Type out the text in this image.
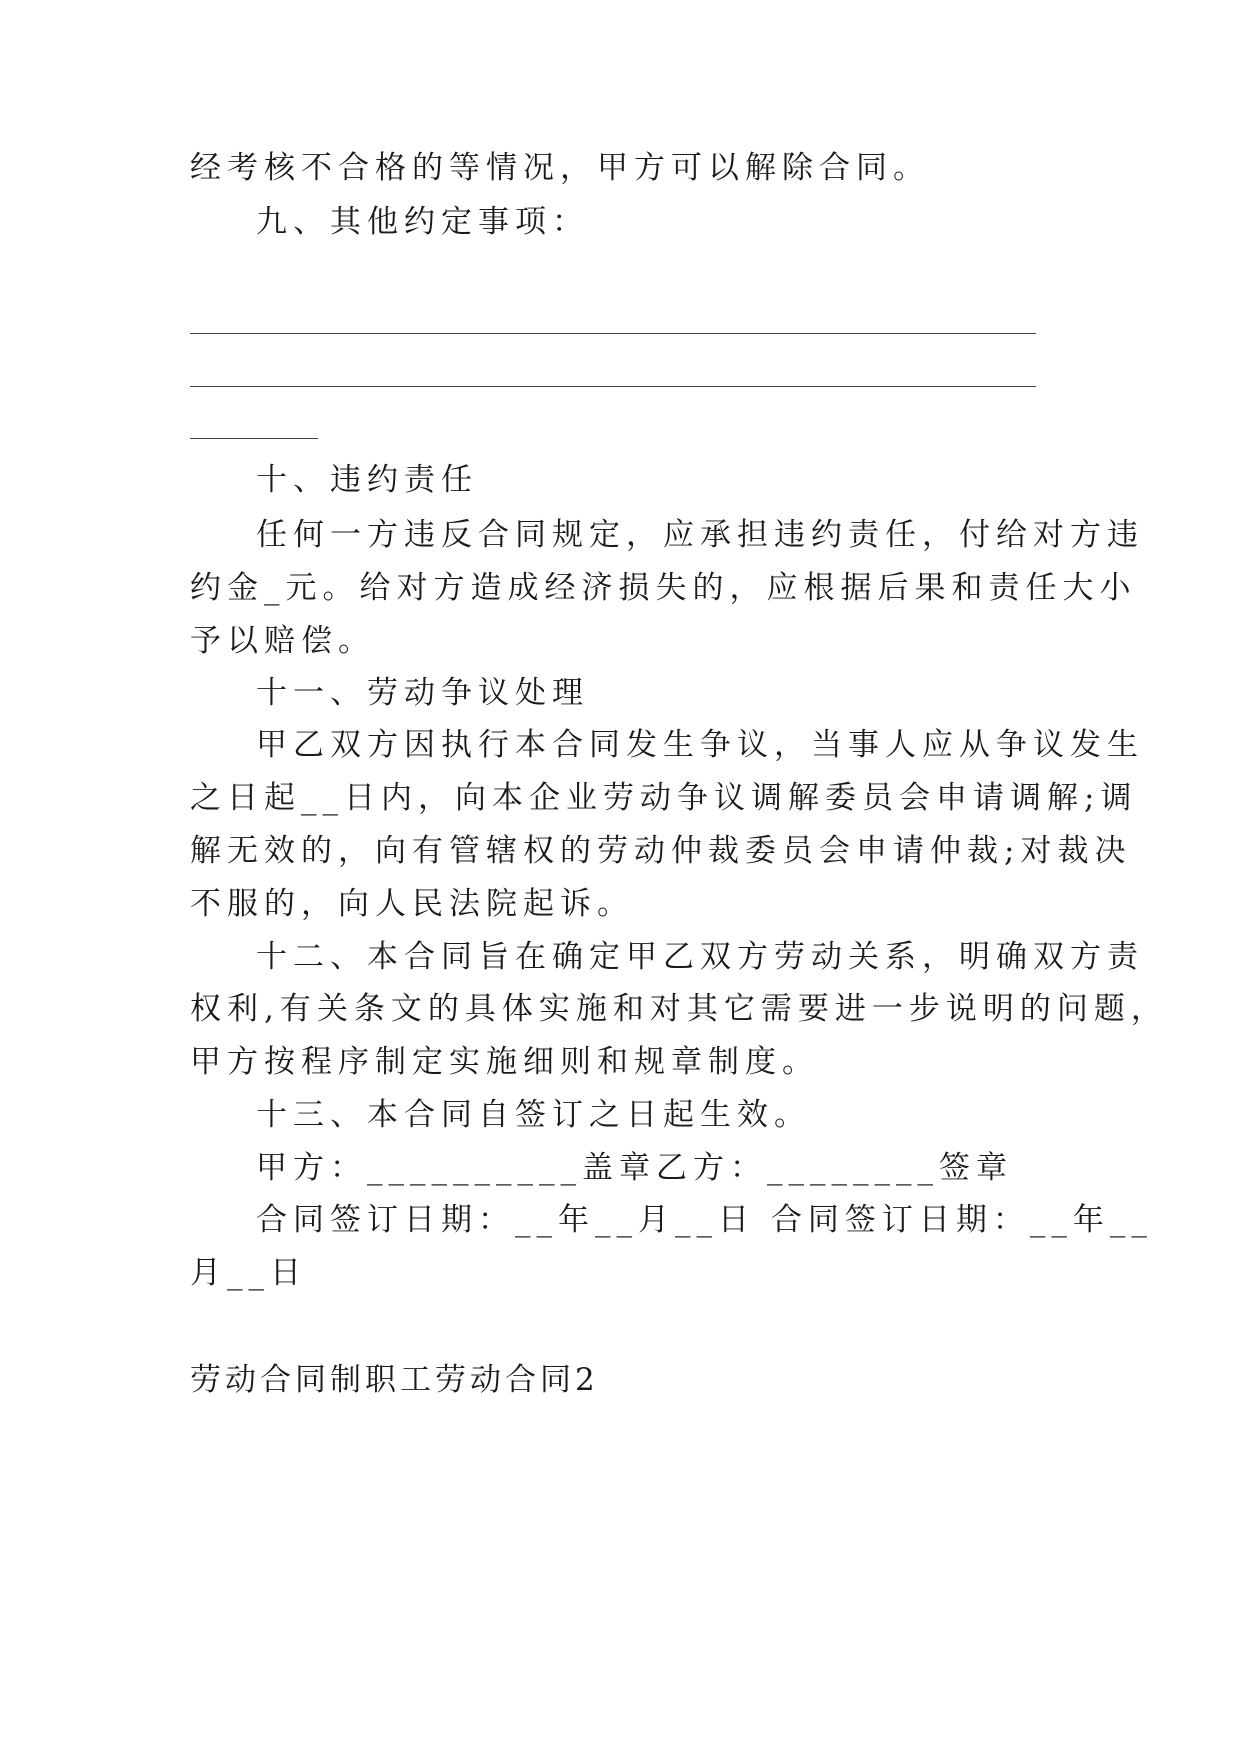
经考核不合格的等情况，甲方可以解除合同。
九、其他约定事项：
十、违约责任
任何一方违反合同规定，应承担违约责任，付给对方违
约金_元。给对方造成经济损失的，应根据后果和责任大小
予以赔偿。
十一、劳动争议处理
甲乙双方因执行本合同发生争议，当事人应从争议发生
之日起__日内，向本企业劳动争议调解委员会申请调解;调
解无效的，向有管辖权的劳动仲裁委员会申请仲裁;对裁决
不服的，向人民法院起诉。
十二、本合同旨在确定甲乙双方劳动关系，明确双方责
权利,有关条文的具体实施和对其它需要进一步说明的问题，
甲方按程序制定实施细则和规章制度。
十三、本合同自签订之日起生效。
甲方：__________盖章乙方：________签章
合同签订日期：__年__月__日 合同签订日期：__年__
月__日
劳动合同制职工劳动合同2
